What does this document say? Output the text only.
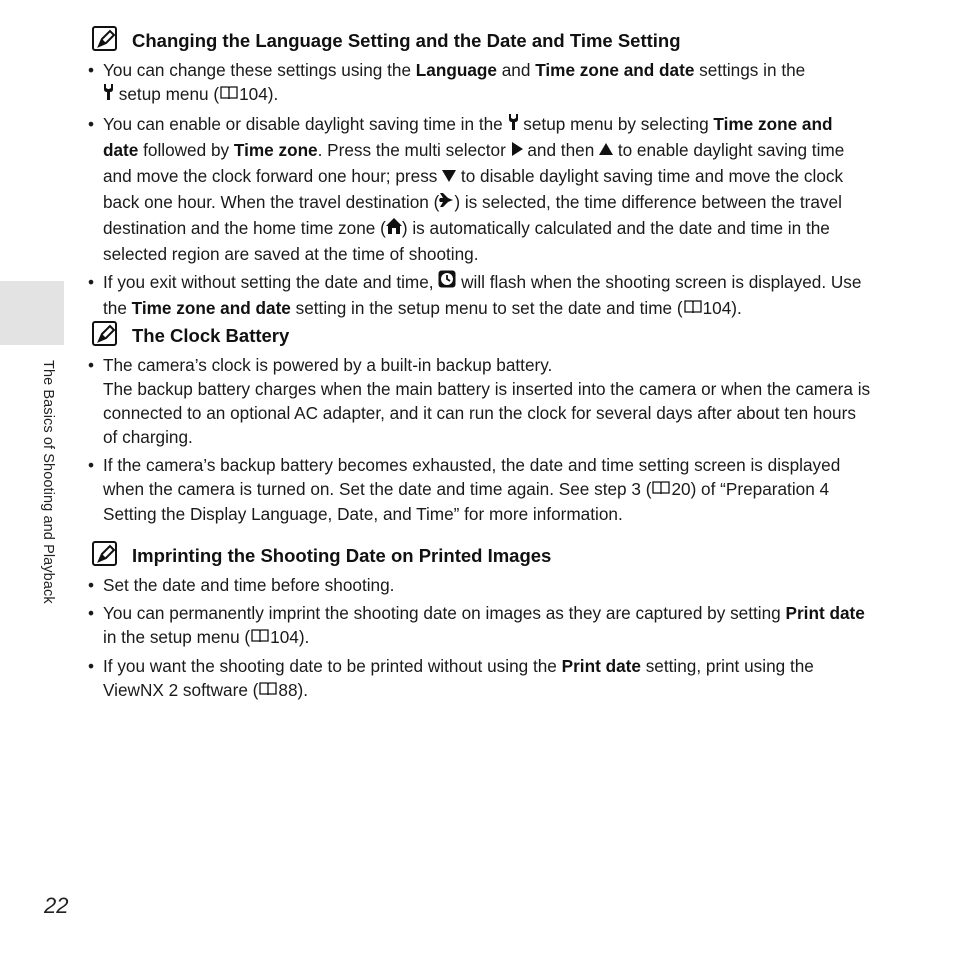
The Basics of Shooting and Playback
22
Changing the Language Setting and the Date and Time Setting
• You can change these settings using the Language and Time zone and date settings in the
setup menu ( 104).
• You can enable or disable daylight saving time in the  setup menu by selecting Time zone and date followed by Time zone. Press the multi selector  and then  to enable daylight saving time and move the clock forward one hour; press  to disable daylight saving time and move the clock back one hour. When the travel destination ( ) is selected, the time difference between the travel destination and the home time zone ( ) is automatically calculated and the date and time in the selected region are saved at the time of shooting.
• If you exit without setting the date and time,  will flash when the shooting screen is displayed. Use the Time zone and date setting in the setup menu to set the date and time ( 104).
The Clock Battery
• The camera’s clock is powered by a built-in backup battery.
The backup battery charges when the main battery is inserted into the camera or when the camera is connected to an optional AC adapter, and it can run the clock for several days after about ten hours of charging.
• If the camera’s backup battery becomes exhausted, the date and time setting screen is displayed when the camera is turned on. Set the date and time again. See step 3 ( 20) of “Preparation 4 Setting the Display Language, Date, and Time” for more information.
Imprinting the Shooting Date on Printed Images
• Set the date and time before shooting.
• You can permanently imprint the shooting date on images as they are captured by setting Print date in the setup menu ( 104).
• If you want the shooting date to be printed without using the Print date setting, print using the ViewNX 2 software ( 88).
